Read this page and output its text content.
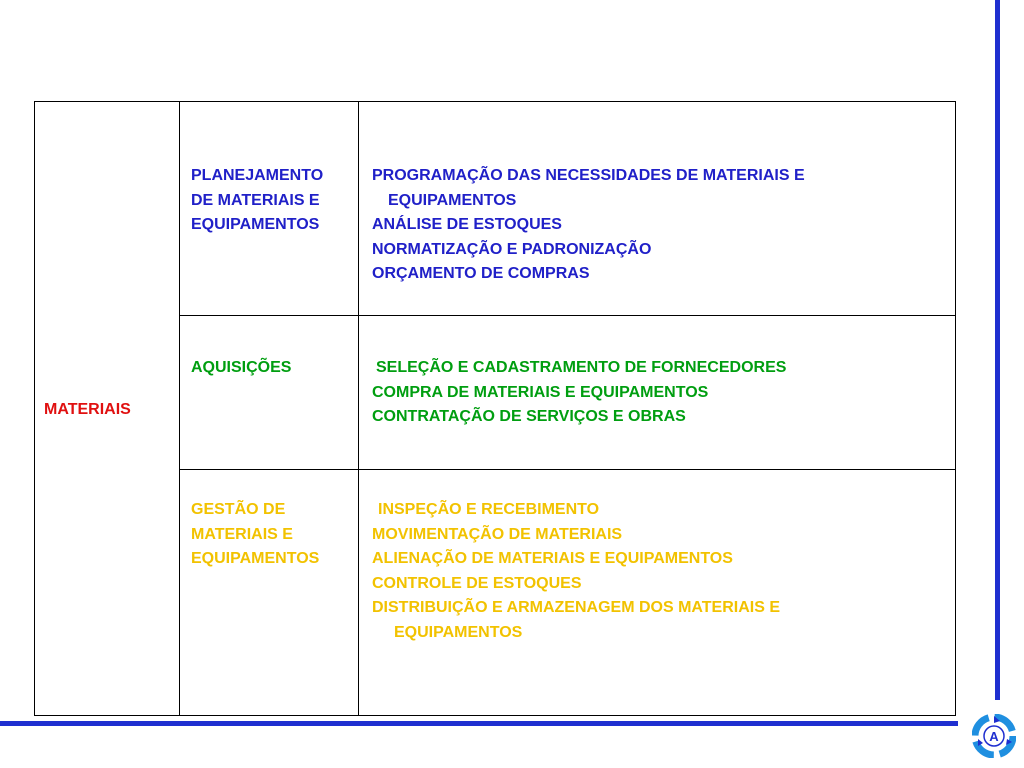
MATERIAIS
PLANEJAMENTO
DE MATERIAIS E
EQUIPAMENTOS
PROGRAMAÇÃO DAS NECESSIDADES DE MATERIAIS E
EQUIPAMENTOS
ANÁLISE DE ESTOQUES
NORMATIZAÇÃO E PADRONIZAÇÃO
ORÇAMENTO DE COMPRAS
AQUISIÇÕES	SELEÇÃO E CADASTRAMENTO DE FORNECEDORES
COMPRA DE MATERIAIS E EQUIPAMENTOS
CONTRATAÇÃO DE SERVIÇOS E OBRAS
GESTÃO DE
MATERIAIS E
EQUIPAMENTOS
INSPEÇÃO E RECEBIMENTO
MOVIMENTAÇÃO DE MATERIAIS
ALIENAÇÃO DE MATERIAIS E EQUIPAMENTOS
CONTROLE DE ESTOQUES
DISTRIBUIÇÃO E ARMAZENAGEM DOS MATERIAIS E
EQUIPAMENTOS
A
